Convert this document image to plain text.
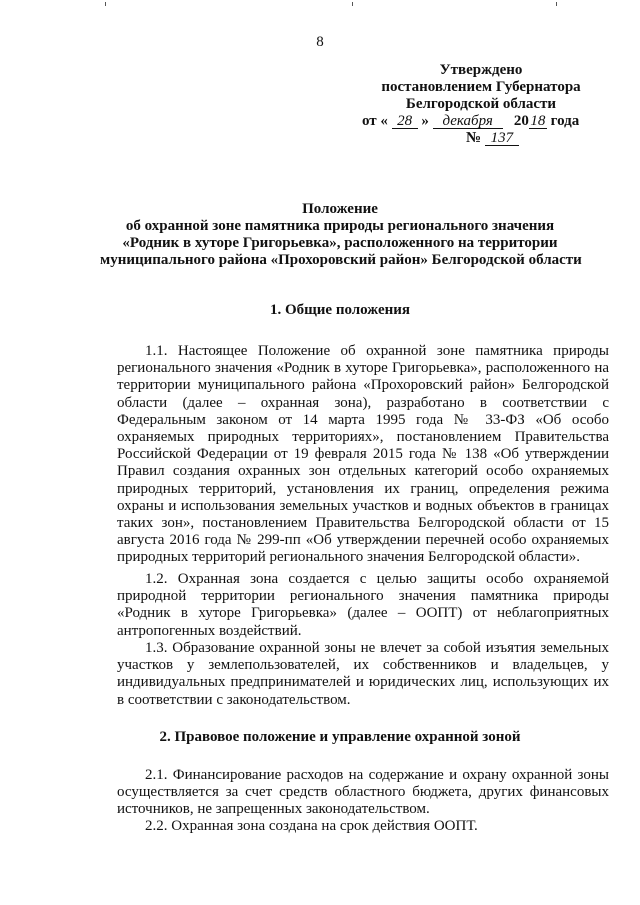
8
Утверждено
постановлением Губернатора
Белгородской области
от « 28 » декабря 20 18 года
№ 137
Положение
об охранной зоне памятника природы регионального значения
«Родник в хуторе Григорьевка», расположенного на территории
муниципального района «Прохоровский район» Белгородской области
1. Общие положения
1.1. Настоящее Положение об охранной зоне памятника природы регионального значения «Родник в хуторе Григорьевка», расположенного на территории муниципального района «Прохоровский район» Белгородской области (далее – охранная зона), разработано в соответствии с Федеральным законом от 14 марта 1995 года № 33-ФЗ «Об особо охраняемых природных территориях», постановлением Правительства Российской Федерации от 19 февраля 2015 года № 138 «Об утверждении Правил создания охранных зон отдельных категорий особо охраняемых природных территорий, установления их границ, определения режима охраны и использования земельных участков и водных объектов в границах таких зон», постановлением Правительства Белгородской области от 15 августа 2016 года № 299-пп «Об утверждении перечней особо охраняемых природных территорий регионального значения Белгородской области».
1.2. Охранная зона создается с целью защиты особо охраняемой природной территории регионального значения памятника природы «Родник в хуторе Григорьевка» (далее – ООПТ) от неблагоприятных антропогенных воздействий.
1.3. Образование охранной зоны не влечет за собой изъятия земельных участков у землепользователей, их собственников и владельцев, у индивидуальных предпринимателей и юридических лиц, использующих их в соответствии с законодательством.
2. Правовое положение и управление охранной зоной
2.1. Финансирование расходов на содержание и охрану охранной зоны осуществляется за счет средств областного бюджета, других финансовых источников, не запрещенных законодательством.
2.2. Охранная зона создана на срок действия ООПТ.
